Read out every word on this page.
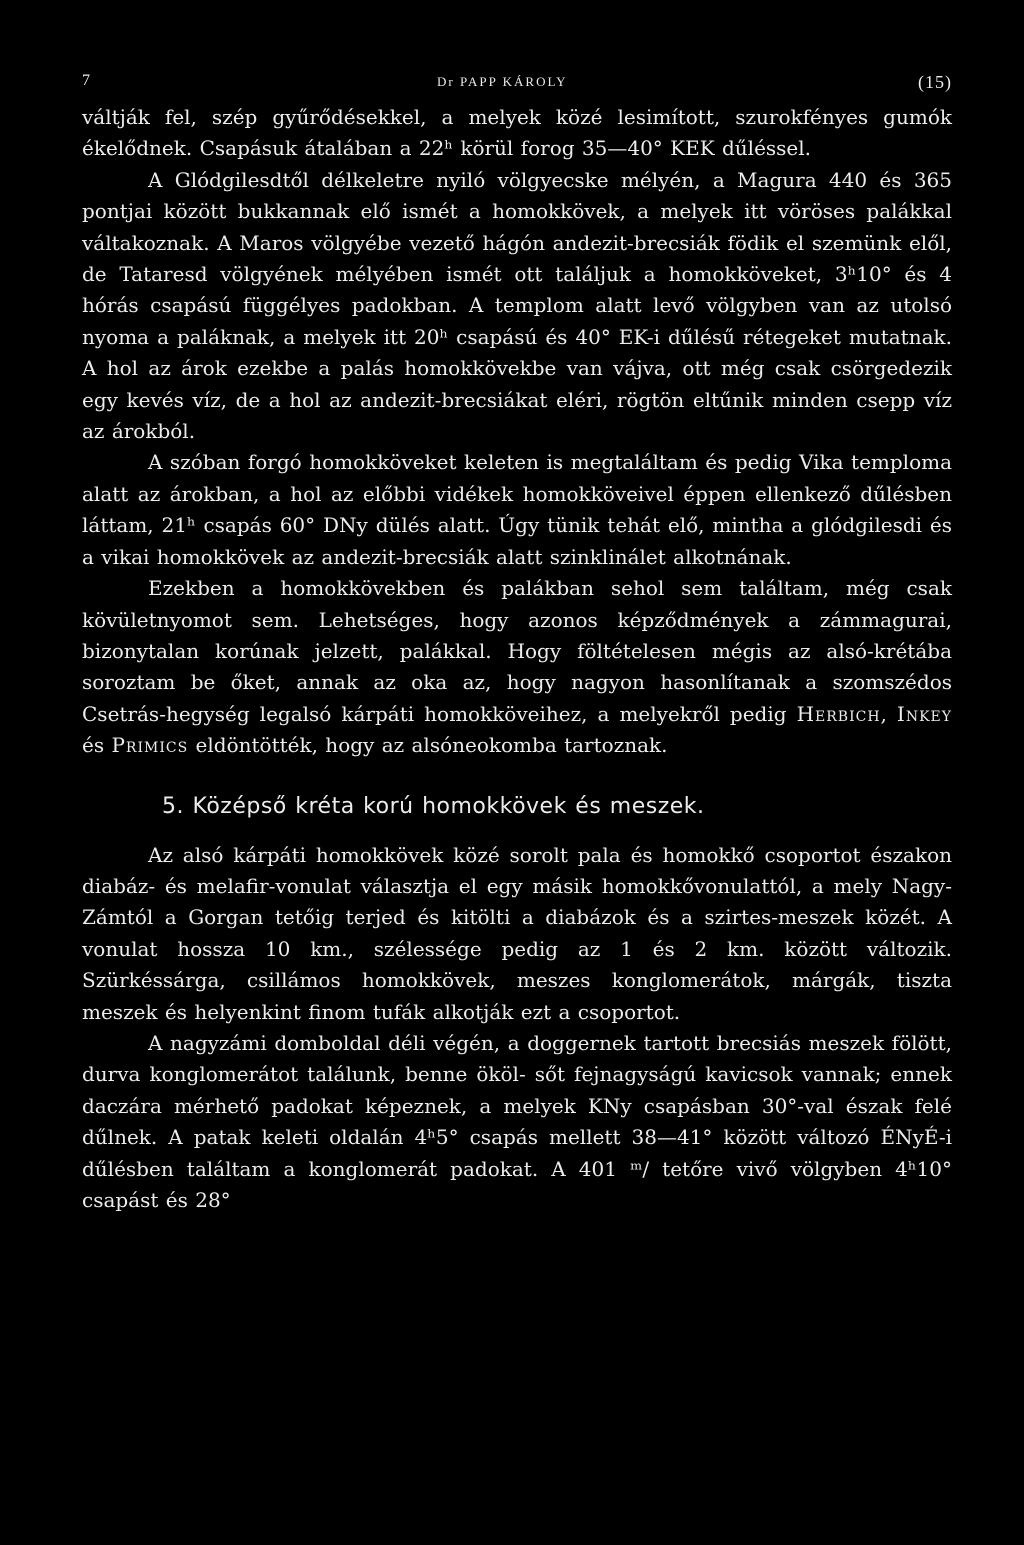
7	Dr PAPP KÁROLY	(15)

váltják fel, szép gyűrődésekkel, a melyek közé lesimított, szurokfényes gumók ékelődnek. Csapásuk átalában a 22ʰ körül forog 35—40° KEK dűléssel.

A Glódgilesdtől délkeletre nyiló völgyecske mélyén, a Magura 440 és 365 pontjai között bukkannak elő ismét a homokkövek, a melyek itt vöröses palákkal váltakoznak. A Maros völgyébe vezető hágón andezit-brecsiák födik el szemünk elől, de Tataresd völgyének mélyében ismét ott találjuk a homokköveket, 3ʰ10° és 4 hórás csapású függélyes padokban. A templom alatt levő völgyben van az utolsó nyoma a paláknak, a melyek itt 20ʰ csapású és 40° EK-i dűlésű rétegeket mutatnak. A hol az árok ezekbe a palás homokkövekbe van vájva, ott még csak csörgedezik egy kevés víz, de a hol az andezit-brecsiákat eléri, rögtön eltűnik minden csepp víz az árokból.

A szóban forgó homokköveket keleten is megtaláltam és pedig Vika temploma alatt az árokban, a hol az előbbi vidékek homokköveivel éppen ellenkező dűlésben láttam, 21ʰ csapás 60° DNy dülés alatt. Úgy tünik tehát elő, mintha a glódgilesdi és a vikai homokkövek az andezit-brecsiák alatt szinklinálet alkotnának.

Ezekben a homokkövekben és palákban sehol sem találtam, még csak kövületnyomot sem. Lehetséges, hogy azonos képződmények a zámmagurai, bizonytalan korúnak jelzett, palákkal. Hogy föltételesen mégis az alsó-krétába soroztam be őket, annak az oka az, hogy nagyon hasonlítanak a szomszédos Csetrás-hegység legalsó kárpáti homokköveihez, a melyekről pedig Herbich, Inkey és Primics eldöntötték, hogy az alsóneokomba tartoznak.

5. Középső kréta korú homokkövek és meszek.

Az alsó kárpáti homokkövek közé sorolt pala és homokkő csoportot északon diabáz- és melafir-vonulat választja el egy másik homokkővonulattól, a mely Nagy-Zámtól a Gorgan tetőig terjed és kitölti a diabázok és a szirtes-meszek közét. A vonulat hossza 10 km., szélessége pedig az 1 és 2 km. között változik. Szürkéssárga, csillámos homokkövek, meszes konglomerátok, márgák, tiszta meszek és helyenkint finom tufák alkotják ezt a csoportot.

A nagyzámi domboldal déli végén, a doggernek tartott brecsiás meszek fölött, durva konglomerátot találunk, benne ököl- sőt fejnagyságú kavicsok vannak; ennek daczára mérhető padokat képeznek, a melyek KNy csapásban 30°-val észak felé dűlnek. A patak keleti oldalán 4ʰ5° csapás mellett 38—41° között változó ÉNyÉ-i dűlésben találtam a konglomerát padokat. A 401 ᵐ/ tetőre vivő völgyben 4ʰ10° csapást és 28°
